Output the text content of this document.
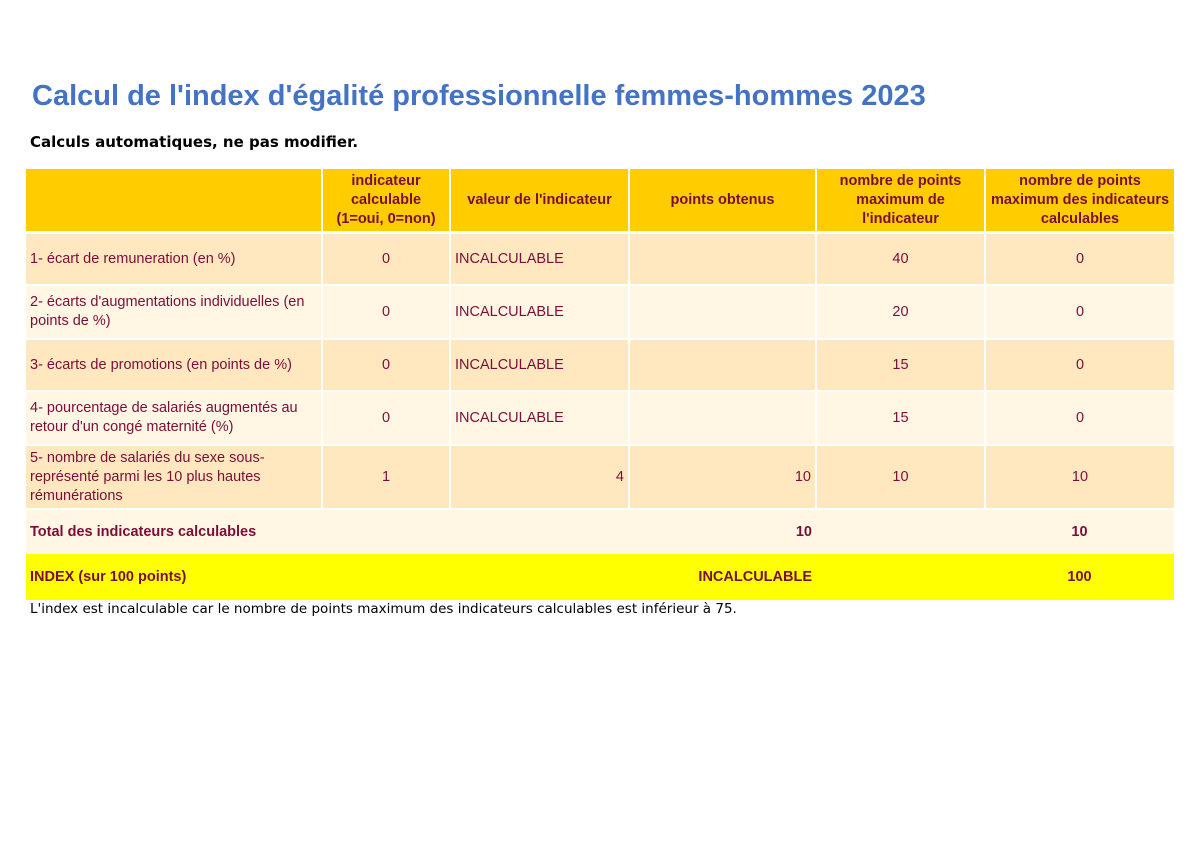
Calcul de l'index d'égalité professionnelle femmes-hommes 2023

Calculs automatiques, ne pas modifier.

	indicateur calculable (1=oui, 0=non)	valeur de l'indicateur	points obtenus	nombre de points maximum de l'indicateur	nombre de points maximum des indicateurs calculables
1- écart de remuneration (en %)	0	INCALCULABLE		40	0
2- écarts d'augmentations individuelles (en points de %)	0	INCALCULABLE		20	0
3- écarts de promotions (en points de %)	0	INCALCULABLE		15	0
4- pourcentage de salariés augmentés au retour d'un congé maternité (%)	0	INCALCULABLE		15	0
5- nombre de salariés du sexe sous-représenté parmi les 10 plus hautes rémunérations	1	4	10	10	10
Total des indicateurs calculables			10		10
INDEX (sur 100 points)			INCALCULABLE		100

L'index est incalculable car le nombre de points maximum des indicateurs calculables est inférieur à 75.
